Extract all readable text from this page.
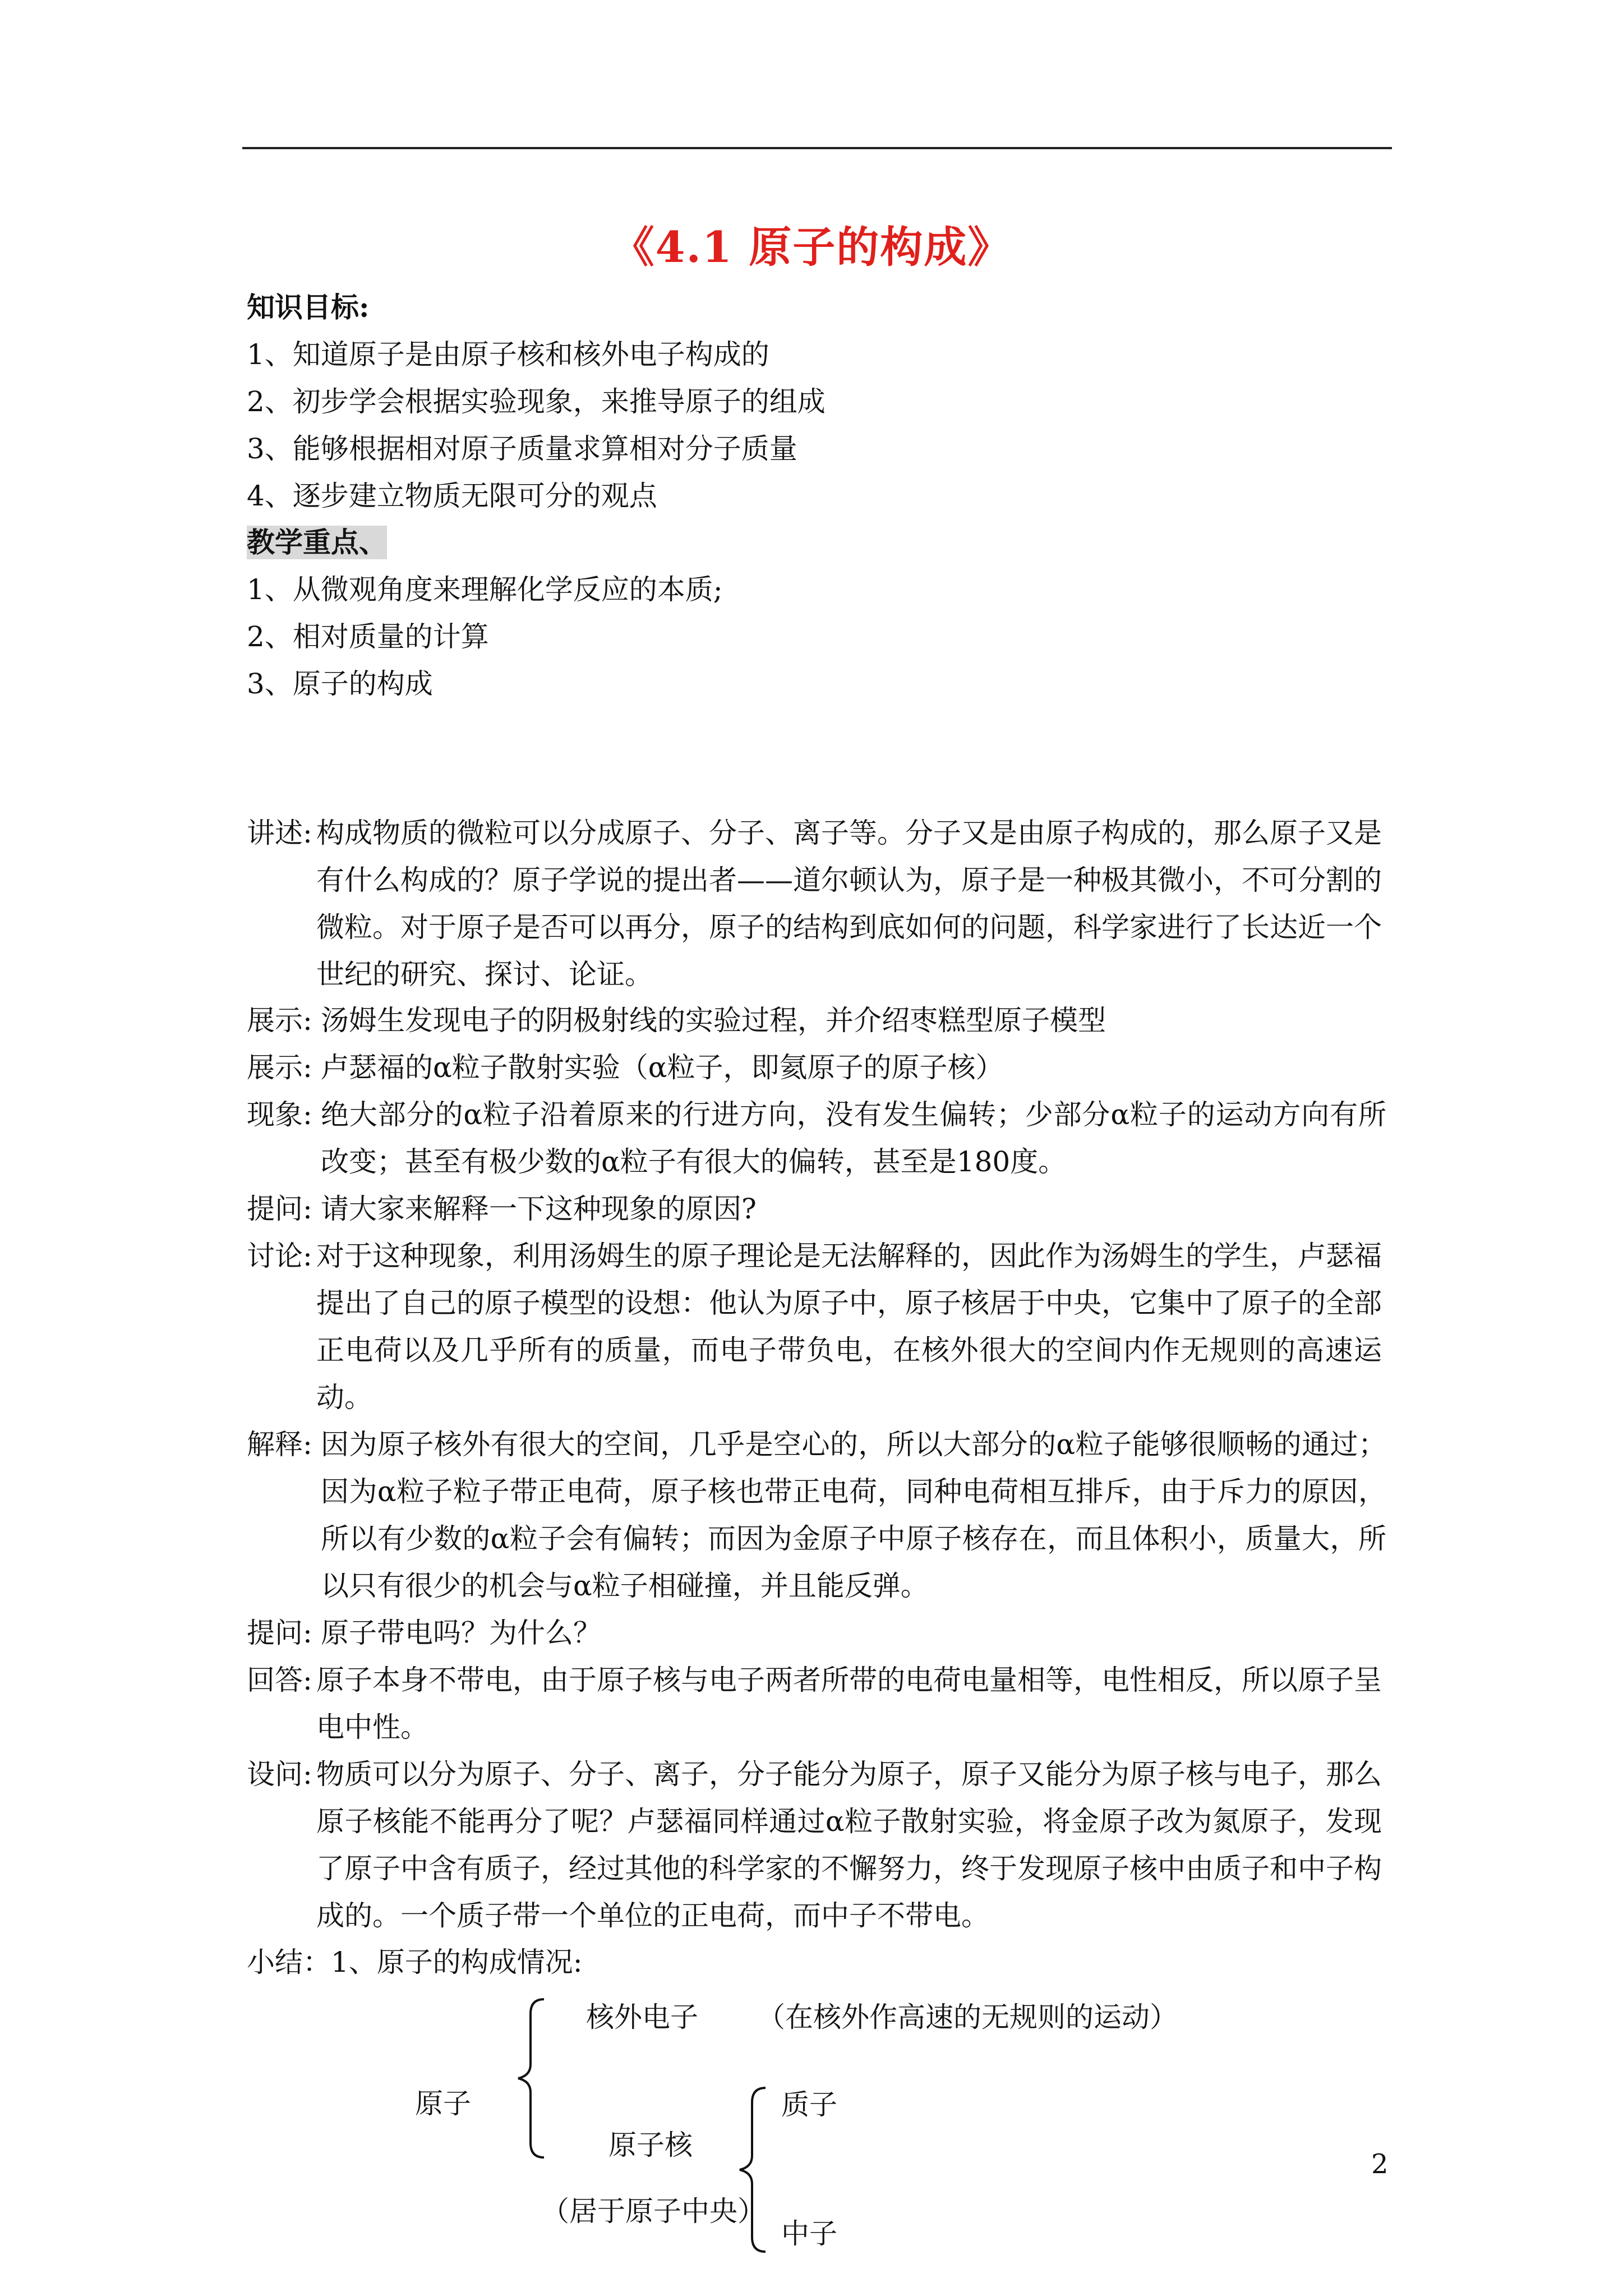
《4.1 原子的构成》
知识目标:
1、知道原子是由原子核和核外电子构成的
2、初步学会根据实验现象，来推导原子的组成
3、能够根据相对原子质量求算相对分子质量
4、逐步建立物质无限可分的观点
教学重点、
1、从微观角度来理解化学反应的本质;
2、相对质量的计算
3、原子的构成
讲述: 构成物质的微粒可以分成原子、分子、离子等。分子又是由原子构成的，那么原子又是有什么构成的？原子学说的提出者——道尔顿认为，原子是一种极其微小，不可分割的微粒。对于原子是否可以再分，原子的结构到底如何的问题，科学家进行了长达近一个世纪的研究、探讨、论证。
展示: 汤姆生发现电子的阴极射线的实验过程，并介绍枣糕型原子模型
展示: 卢瑟福的α粒子散射实验（α粒子，即氦原子的原子核）
现象: 绝大部分的α粒子沿着原来的行进方向，没有发生偏转；少部分α粒子的运动方向有所改变；甚至有极少数的α粒子有很大的偏转，甚至是180度。
提问: 请大家来解释一下这种现象的原因?
讨论: 对于这种现象，利用汤姆生的原子理论是无法解释的，因此作为汤姆生的学生，卢瑟福提出了自己的原子模型的设想：他认为原子中，原子核居于中央，它集中了原子的全部正电荷以及几乎所有的质量，而电子带负电，在核外很大的空间内作无规则的高速运动。
解释: 因为原子核外有很大的空间，几乎是空心的，所以大部分的α粒子能够很顺畅的通过；因为α粒子粒子带正电荷，原子核也带正电荷，同种电荷相互排斥，由于斥力的原因，所以有少数的α粒子会有偏转；而因为金原子中原子核存在，而且体积小，质量大，所以只有很少的机会与α粒子相碰撞，并且能反弹。
提问: 原子带电吗？为什么？
回答: 原子本身不带电，由于原子核与电子两者所带的电荷电量相等，电性相反，所以原子呈电中性。
设问: 物质可以分为原子、分子、离子，分子能分为原子，原子又能分为原子核与电子，那么原子核能不能再分了呢？卢瑟福同样通过α粒子散射实验，将金原子改为氮原子，发现了原子中含有质子，经过其他的科学家的不懈努力，终于发现原子核中由质子和中子构成的。一个质子带一个单位的正电荷，而中子不带电。
小结：1、原子的构成情况:
核外电子 （在核外作高速的无规则的运动）
原子
原子核
（居于原子中央）
质子
中子
2
